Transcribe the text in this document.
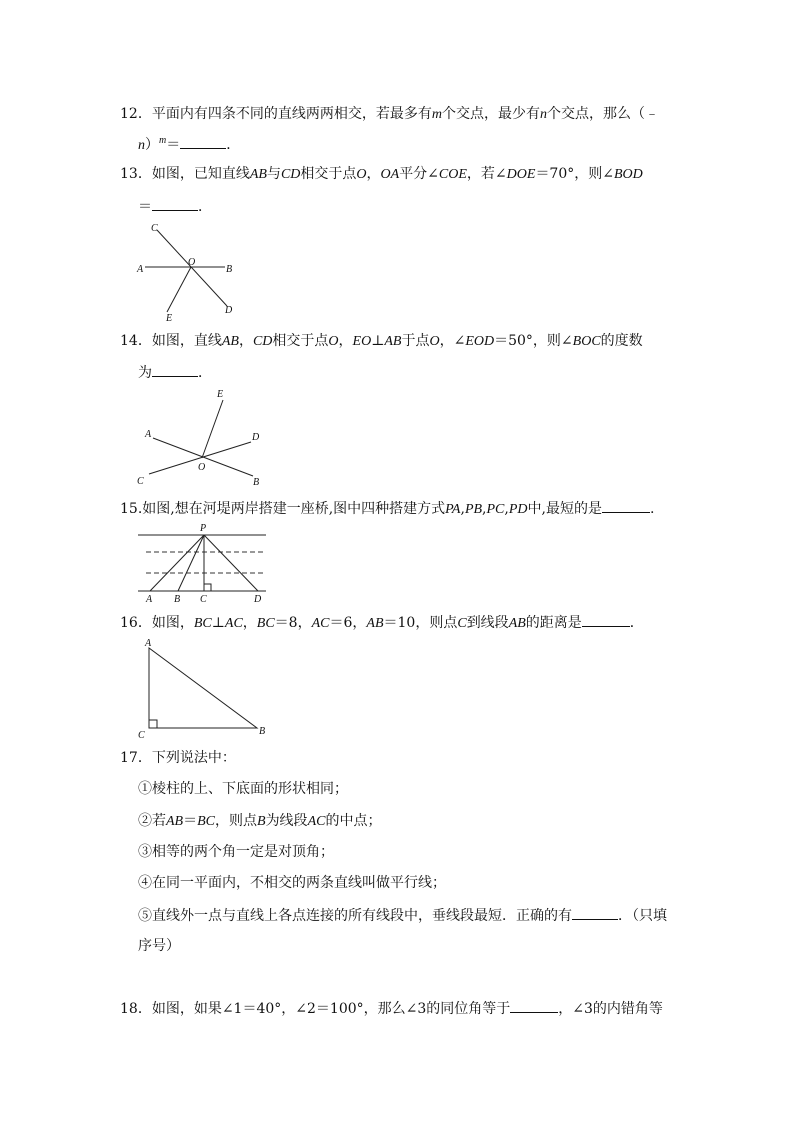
12．平面内有四条不同的直线两两相交，若最多有m个交点，最少有n个交点，那么（﹣
n）$^m$＝	．
13．如图，已知直线AB与CD相交于点O，OA平分∠COE，若∠DOE＝70°，则∠BOD
＝	．
C
O
A	B
E
D
14．如图，直线AB，CD相交于点O，EO⊥AB于点O，∠EOD＝50°，则∠BOC的度数
为	．
E
A	D
C
O
B
15.如图,想在河堤两岸搭建一座桥,图中四种搭建方式PA,PB,PC,PD中,最短的是	.
P
A B C	D
16．如图，BC⊥AC，BC＝8，AC＝6，AB＝10，则点C到线段AB的距离是	．
A
B
C
17．下列说法中：
①棱柱的上、下底面的形状相同；
②若AB＝BC，则点B为线段AC的中点；
③相等的两个角一定是对顶角；
④在同一平面内，不相交的两条直线叫做平行线；
⑤直线外一点与直线上各点连接的所有线段中，垂线段最短．正确的有	．（只填
序号）
18．如图，如果∠1＝40°，∠2＝100°，那么∠3的同位角等于	，∠3的内错角等
